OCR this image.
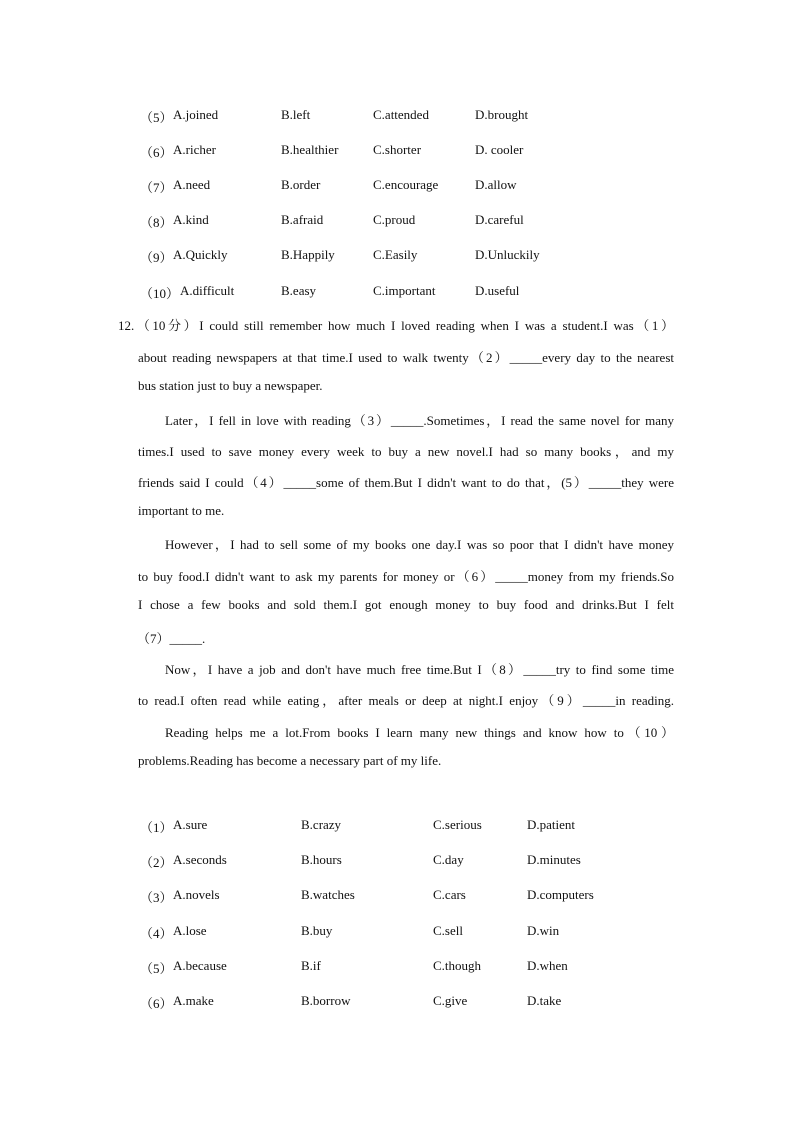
（5） A.joined	B.left	C.attended	D.brought
（6） A.richer	B.healthier	C.shorter	D. cooler
（7） A.need	B.order	C.encourage	D.allow
（8） A.kind	B.afraid	C.proud	D.careful
（9） A.Quickly	B.Happily	C.Easily	D.Unluckily
（10） A.difficult	B.easy	C.important	D.useful
12.（10分）I could still remember how much I loved reading when I was a student.I was（1）
about reading newspapers at that time.I used to walk twenty（2）_____every day to the nearest
bus station just to buy a newspaper.
Later，I fell in love with reading（3）_____.Sometimes，I read the same novel for many
times.I used to save money every week to buy a new novel.I had so many books，and my
friends said I could（4）_____some of them.But I didn't want to do that，(5）_____they were
important to me.
However，I had to sell some of my books one day.I was so poor that I didn't have money
to buy food.I didn't want to ask my parents for money or（6）_____money from my friends.So
I chose a few books and sold them.I got enough money to buy food and drinks.But I felt
（7）_____.
Now，I have a job and don't have much free time.But I（8）_____try to find some time
to read.I often read while eating，after meals or deep at night.I enjoy（9）_____in reading.
Reading helps me a lot.From books I learn many new things and know how to（10）
problems.Reading has become a necessary part of my life.
（1） A.sure	B.crazy	C.serious	D.patient
（2） A.seconds	B.hours	C.day	D.minutes
（3） A.novels	B.watches	C.cars	D.computers
（4） A.lose	B.buy	C.sell	D.win
（5） A.because	B.if	C.though	D.when
（6） A.make	B.borrow	C.give	D.take
